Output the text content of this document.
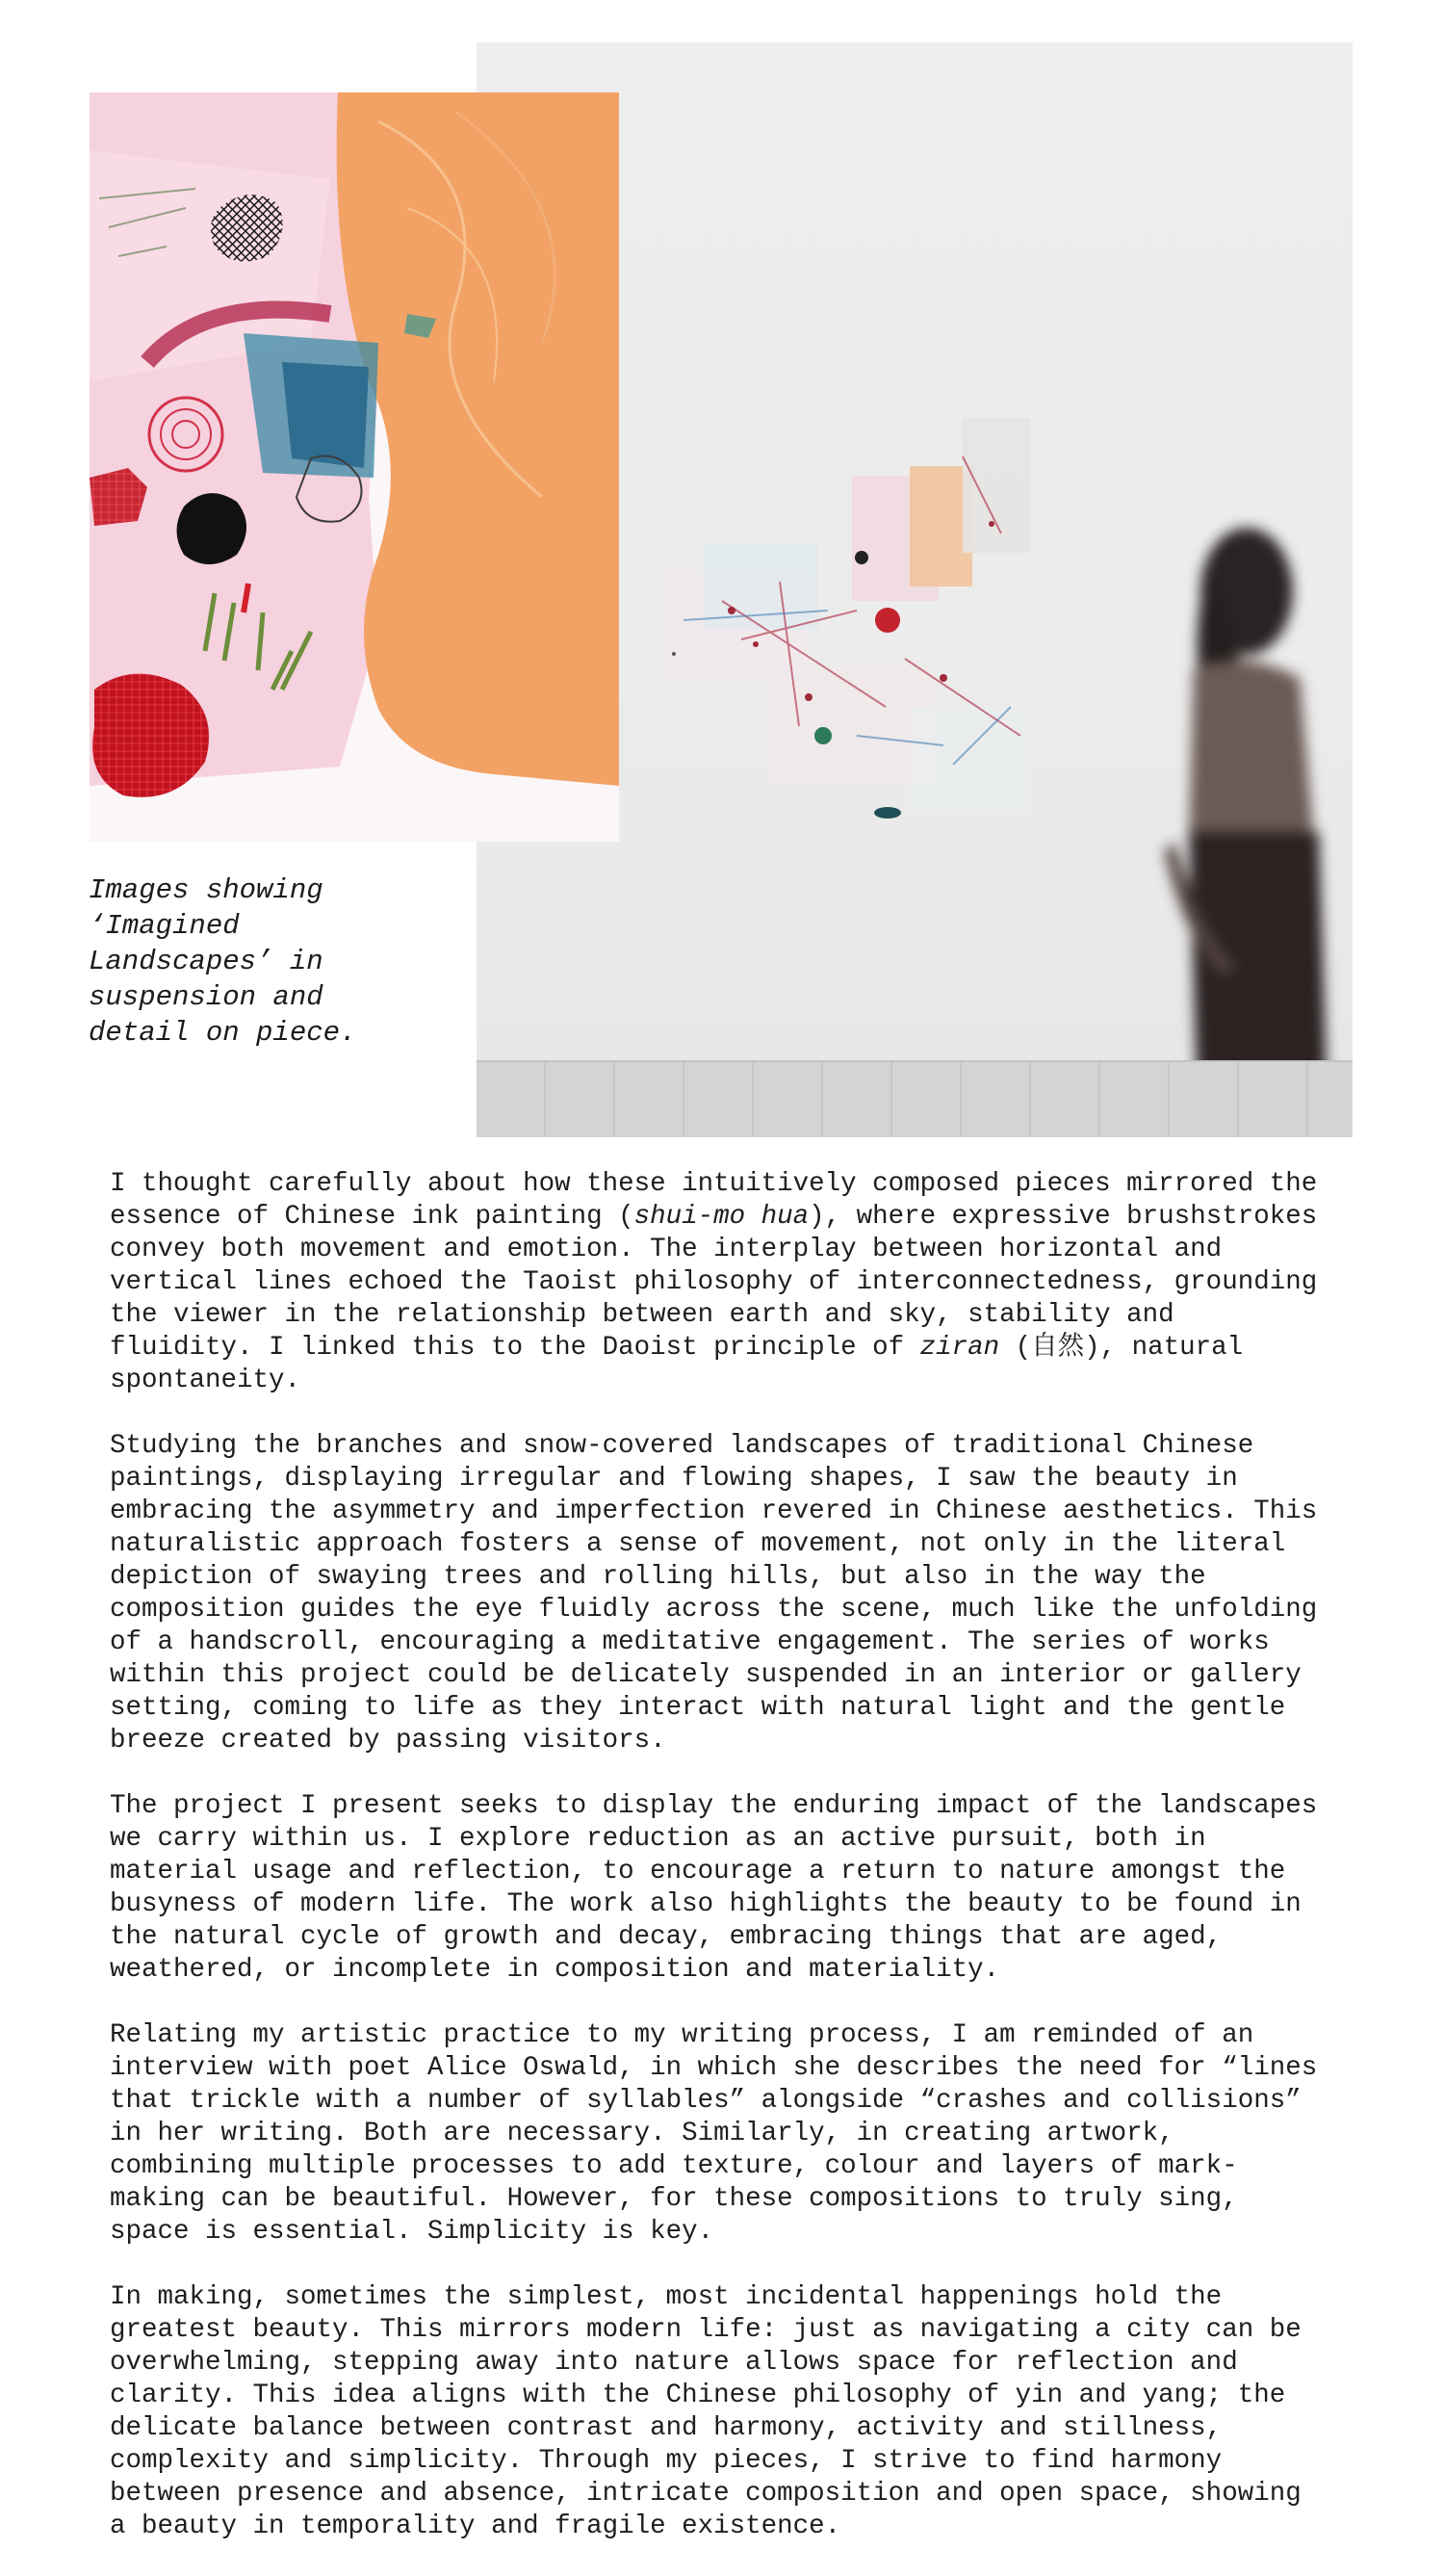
Images showing
‘Imagined
Landscapes’ in
suspension and
detail on piece.

I thought carefully about how these intuitively composed pieces mirrored the
essence of Chinese ink painting (shui-mo hua), where expressive brushstrokes
convey both movement and emotion. The interplay between horizontal and
vertical lines echoed the Taoist philosophy of interconnectedness, grounding
the viewer in the relationship between earth and sky, stability and
fluidity. I linked this to the Daoist principle of ziran (自然), natural
spontaneity.

Studying the branches and snow-covered landscapes of traditional Chinese
paintings, displaying irregular and flowing shapes, I saw the beauty in
embracing the asymmetry and imperfection revered in Chinese aesthetics. This
naturalistic approach fosters a sense of movement, not only in the literal
depiction of swaying trees and rolling hills, but also in the way the
composition guides the eye fluidly across the scene, much like the unfolding
of a handscroll, encouraging a meditative engagement. The series of works
within this project could be delicately suspended in an interior or gallery
setting, coming to life as they interact with natural light and the gentle
breeze created by passing visitors.

The project I present seeks to display the enduring impact of the landscapes
we carry within us. I explore reduction as an active pursuit, both in
material usage and reflection, to encourage a return to nature amongst the
busyness of modern life. The work also highlights the beauty to be found in
the natural cycle of growth and decay, embracing things that are aged,
weathered, or incomplete in composition and materiality.

Relating my artistic practice to my writing process, I am reminded of an
interview with poet Alice Oswald, in which she describes the need for “lines
that trickle with a number of syllables” alongside “crashes and collisions”
in her writing. Both are necessary. Similarly, in creating artwork,
combining multiple processes to add texture, colour and layers of mark-
making can be beautiful. However, for these compositions to truly sing,
space is essential. Simplicity is key.

In making, sometimes the simplest, most incidental happenings hold the
greatest beauty. This mirrors modern life: just as navigating a city can be
overwhelming, stepping away into nature allows space for reflection and
clarity. This idea aligns with the Chinese philosophy of yin and yang; the
delicate balance between contrast and harmony, activity and stillness,
complexity and simplicity. Through my pieces, I strive to find harmony
between presence and absence, intricate composition and open space, showing
a beauty in temporality and fragile existence.
